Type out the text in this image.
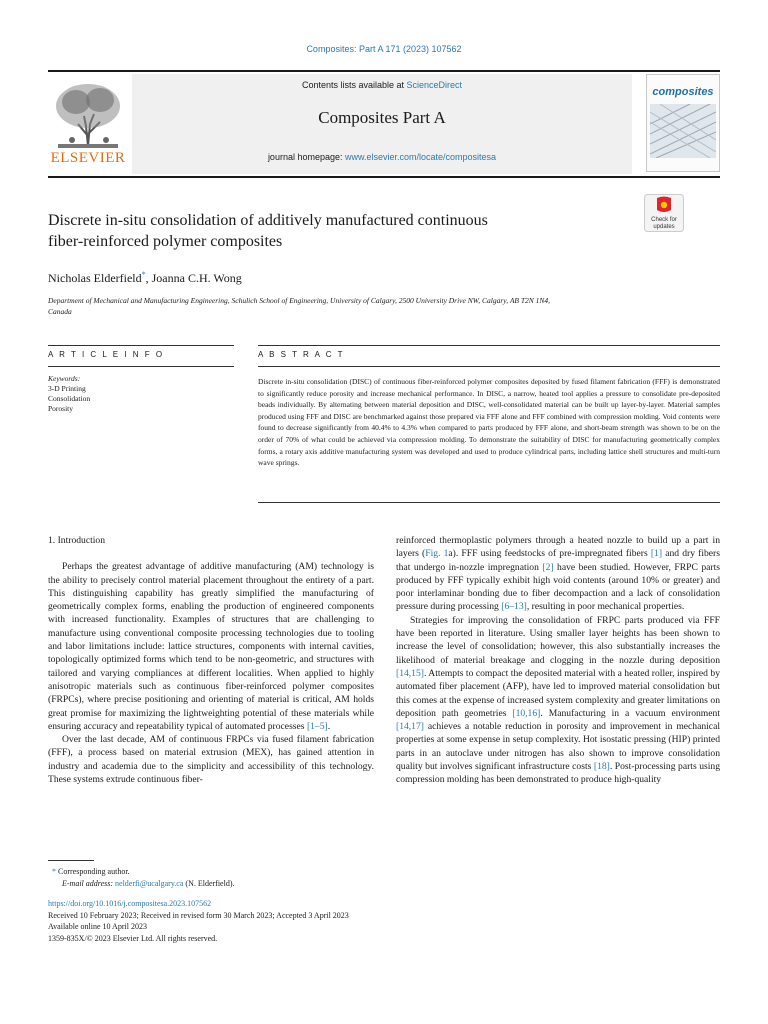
Composites: Part A 171 (2023) 107562
ELSEVIER
Contents lists available at ScienceDirect
Composites Part A
journal homepage: www.elsevier.com/locate/compositesa
composites
Discrete in-situ consolidation of additively manufactured continuous
fiber-reinforced polymer composites
Check for
updates
Nicholas Elderfield*, Joanna C.H. Wong
Department of Mechanical and Manufacturing Engineering, Schulich School of Engineering, University of Calgary, 2500 University Drive NW, Calgary, AB T2N 1N4,
Canada
A R T I C L E I N F O	A B S T R A C T
Keywords:
3-D Printing
Consolidation
Porosity
Discrete in-situ consolidation (DISC) of continuous fiber-reinforced polymer composites deposited by fused filament fabrication (FFF) is demonstrated to significantly reduce porosity and increase mechanical performance. In DISC, a narrow, heated tool applies a pressure to consolidate pre-deposited beads individually. By alternating between material deposition and DISC, well-consolidated material can be built up layer-by-layer. Material samples produced using FFF and DISC are benchmarked against those prepared via FFF alone and FFF combined with compression molding. Void contents were found to decrease significantly from 40.4% to 4.3% when compared to parts produced by FFF alone, and short-beam strength was shown to be on the order of 70% of what could be achieved via compression molding. To demonstrate the suitability of DISC for manufacturing geometrically complex forms, a rotary axis additive manufacturing system was developed and used to produce cylindrical parts, including lattice shell structures and multi-turn wave springs.
1. Introduction

Perhaps the greatest advantage of additive manufacturing (AM) technology is the ability to precisely control material placement throughout the entirety of a part. This distinguishing capability has greatly simplified the manufacturing of geometrically complex forms, enabling the production of engineered components with increased functionality. Examples of structures that are challenging to manufacture using conventional composite processing technologies due to tooling and labor limitations include: lattice structures, components with internal cavities, topologically optimized forms which tend to be non-geometric, and structures with tailored and varying compliances at different localities. When applied to highly anisotropic materials such as continuous fiber-reinforced polymer composites (FRPCs), where precise positioning and orienting of material is critical, AM holds great promise for maximizing the lightweighting potential of these materials while ensuring accuracy and repeatability typical of automated processes [1–5].

Over the last decade, AM of continuous FRPCs via fused filament fabrication (FFF), a process based on material extrusion (MEX), has gained attention in industry and academia due to the simplicity and accessibility of this technology. These systems extrude continuous fiber-

reinforced thermoplastic polymers through a heated nozzle to build up a part in layers (Fig. 1a). FFF using feedstocks of pre-impregnated fibers [1] and dry fibers that undergo in-nozzle impregnation [2] have been studied. However, FRPC parts produced by FFF typically exhibit high void contents (around 10% or greater) and poor interlaminar bonding due to fiber decompaction and a lack of consolidation pressure during processing [6–13], resulting in poor mechanical properties.

Strategies for improving the consolidation of FRPC parts produced via FFF have been reported in literature. Using smaller layer heights has been shown to increase the level of consolidation; however, this also substantially increases the likelihood of material breakage and clogging in the nozzle during deposition [14,15]. Attempts to compact the deposited material with a heated roller, inspired by automated fiber placement (AFP), have led to improved material consolidation but this comes at the expense of increased system complexity and greater limitations on deposition path geometries [10,16]. Manufacturing in a vacuum environment [14,17] achieves a notable reduction in porosity and improvement in mechanical properties at some expense in setup complexity. Hot isostatic pressing (HIP) printed parts in an autoclave under nitrogen has also shown to improve consolidation quality but involves significant infrastructure costs [18]. Post-processing parts using compression molding has been demonstrated to produce high-quality

* Corresponding author.
E-mail address: nelderfi@ucalgary.ca (N. Elderfield).
https://doi.org/10.1016/j.compositesa.2023.107562
Received 10 February 2023; Received in revised form 30 March 2023; Accepted 3 April 2023
Available online 10 April 2023
1359-835X/© 2023 Elsevier Ltd. All rights reserved.
